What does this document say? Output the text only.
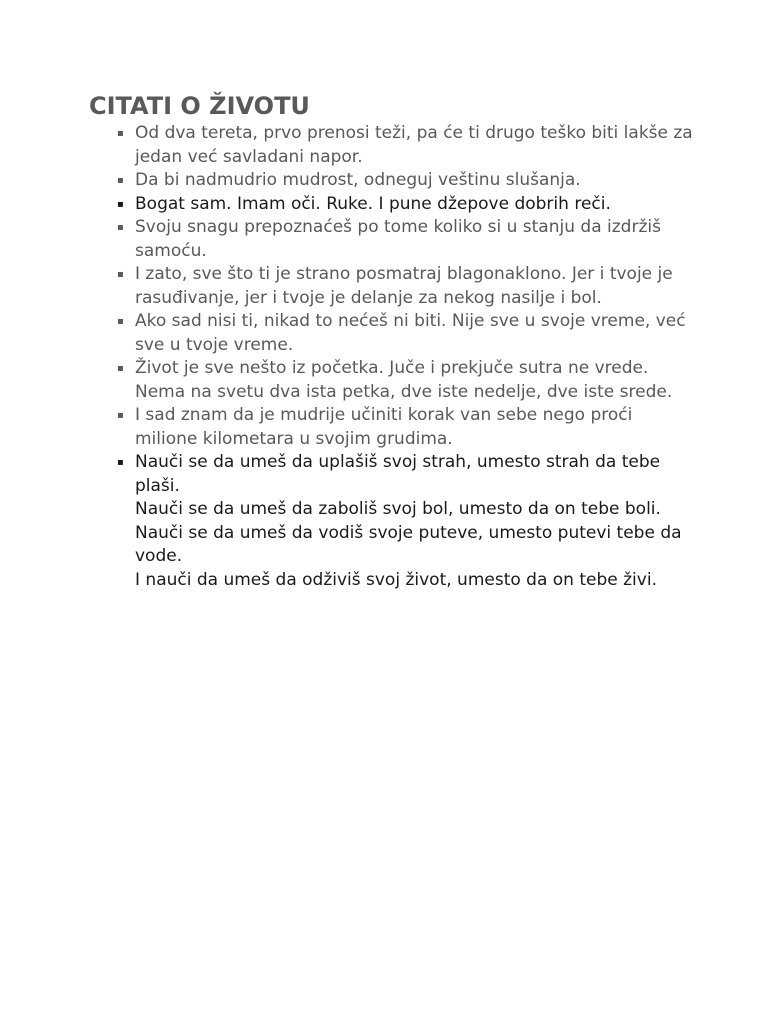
CITATI O ŽIVOTU
▪ Od dva tereta, prvo prenosi teži, pa će ti drugo teško biti lakše za jedan već savladani napor.
▪ Da bi nadmudrio mudrost, odneguj veštinu slušanja.
▪ Bogat sam. Imam oči. Ruke. I pune džepove dobrih reči.
▪ Svoju snagu prepoznaćeš po tome koliko si u stanju da izdržiš samoću.
▪ I zato, sve što ti je strano posmatraj blagonaklono. Jer i tvoje je rasuđivanje, jer i tvoje je delanje za nekog nasilje i bol.
▪ Ako sad nisi ti, nikad to nećeš ni biti. Nije sve u svoje vreme, već sve u tvoje vreme.
▪ Život je sve nešto iz početka. Juče i prekjuče sutra ne vrede. Nema na svetu dva ista petka, dve iste nedelje, dve iste srede.
▪ I sad znam da je mudrije učiniti korak van sebe nego proći milione kilometara u svojim grudima.
▪ Nauči se da umeš da uplašiš svoj strah, umesto strah da tebe plaši.
Nauči se da umeš da zaboliš svoj bol, umesto da on tebe boli.
Nauči se da umeš da vodiš svoje puteve, umesto putevi tebe da vode.
I nauči da umeš da odživiš svoj život, umesto da on tebe živi.
